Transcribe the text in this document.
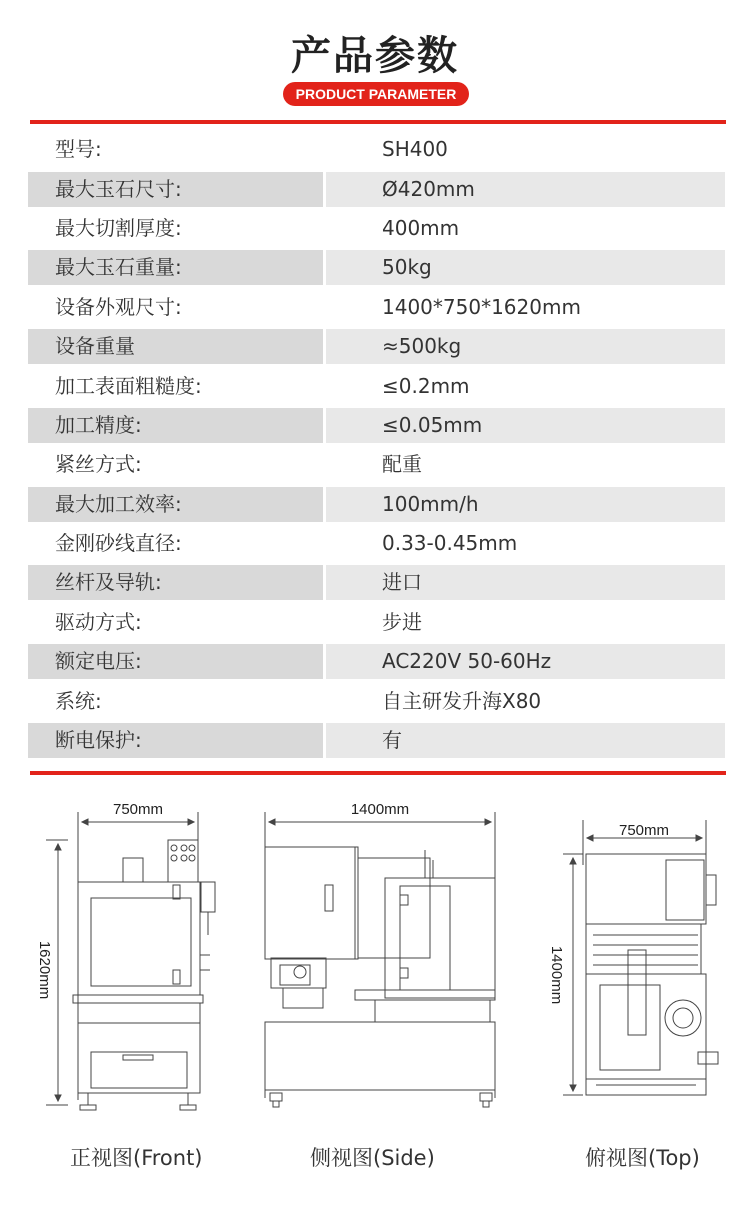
产品参数
PRODUCT PARAMETER
型号:	SH400
最大玉石尺寸:	Ø420mm
最大切割厚度:	400mm
最大玉石重量:	50kg
设备外观尺寸:	1400*750*1620mm
设备重量	≈500kg
加工表面粗糙度:	≤0.2mm
加工精度:	≤0.05mm
紧丝方式:	配重
最大加工效率:	100mm/h
金刚砂线直径:	0.33-0.45mm
丝杆及导轨:	进口
驱动方式:	步进
额定电压:	AC220V 50-60Hz
系统:	自主研发升海X80
断电保护:	有
750mm
1620mm
1400mm
750mm
1400mm
正视图(Front)	侧视图(Side)	俯视图(Top)
